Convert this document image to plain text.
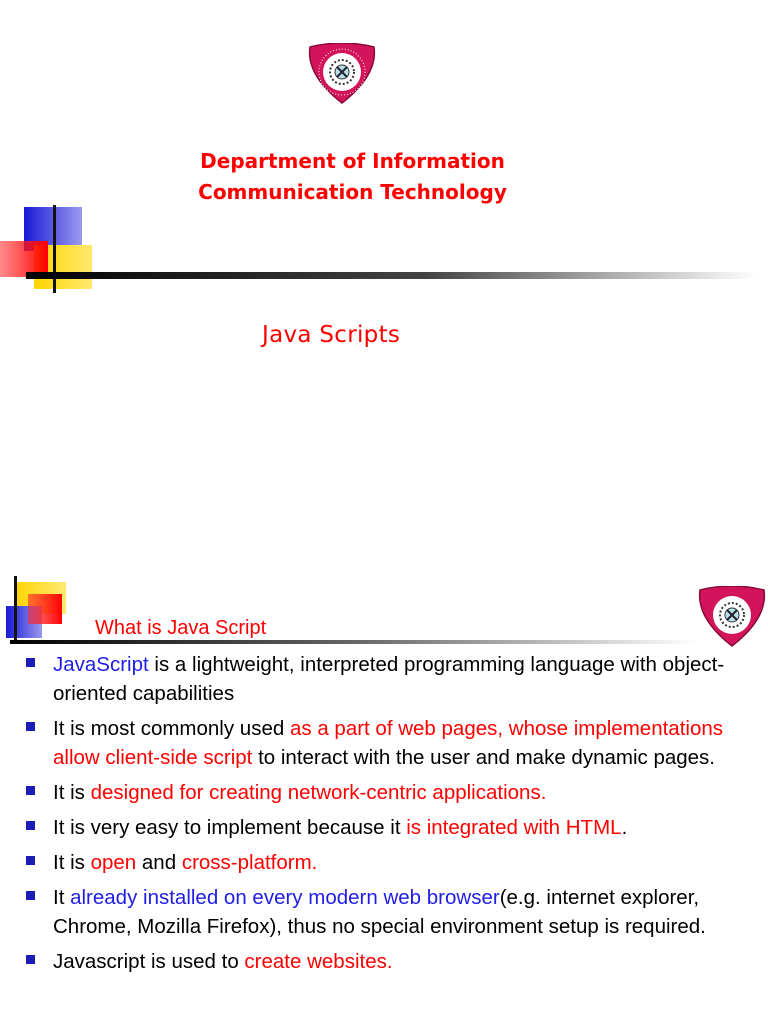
Department of Information
Communication Technology
Java Scripts
What is Java Script
JavaScript is a lightweight, interpreted programming language with object-oriented capabilities
It is most commonly used as a part of web pages, whose implementations allow client-side script to interact with the user and make dynamic pages.
It is designed for creating network-centric applications.
It is very easy to implement because it is integrated with HTML.
It is open and cross-platform.
It already installed on every modern web browser(e.g. internet explorer, Chrome, Mozilla Firefox), thus no special environment setup is required.
Javascript is used to create websites.
